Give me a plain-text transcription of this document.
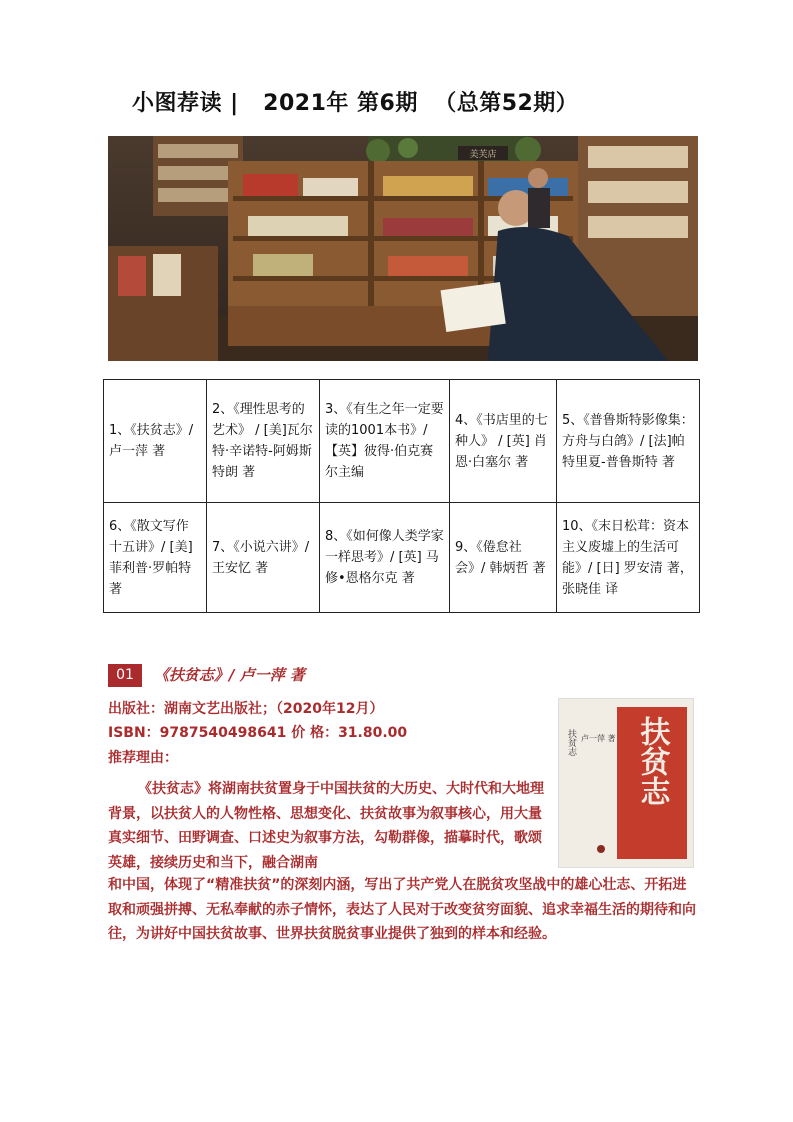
小图荐读 |   2021年 第6期  （总第52期）
美芙店
1、《扶贫志》/ 卢一萍 著	2、《理性思考的艺术》 / [美]瓦尔特·辛诺特-阿姆斯特朗 著	3、《有生之年一定要读的1001本书》/ 【英】彼得·伯克赛尔主编	4、《书店里的七种人》 / [英] 肖恩·白塞尔 著	5、《普鲁斯特影像集：方舟与白鸽》/ [法]帕特里夏-普鲁斯特 著
6、《散文写作十五讲》/ [美] 菲利普·罗帕特 著	7、《小说六讲》/ 王安忆 著	8、《如何像人类学家一样思考》/ [英] 马修•恩格尔克 著	9、《倦怠社会》/ 韩炳哲 著	10、《末日松茸：资本主义废墟上的生活可能》/ [日] 罗安清 著，张晓佳 译
01	《扶贫志》/ 卢一萍 著
出版社：湖南文艺出版社；（2020年12月）
ISBN：9787540498641 价 格：31.80.00
推荐理由：	扶贫志
扶贫志 卢一萍 著

《扶贫志》将湖南扶贫置身于中国扶贫的大历史、大时代和大地理背景，以扶贫人的人物性格、思想变化、扶贫故事为叙事核心，用大量真实细节、田野调查、口述史为叙事方法，勾勒群像，描摹时代，歌颂英雄，接续历史和当下，融合湖南

和中国，体现了“精准扶贫”的深刻内涵，写出了共产党人在脱贫攻坚战中的雄心壮志、开拓进取和顽强拼搏、无私奉献的赤子情怀，表达了人民对于改变贫穷面貌、追求幸福生活的期待和向往，为讲好中国扶贫故事、世界扶贫脱贫事业提供了独到的样本和经验。
